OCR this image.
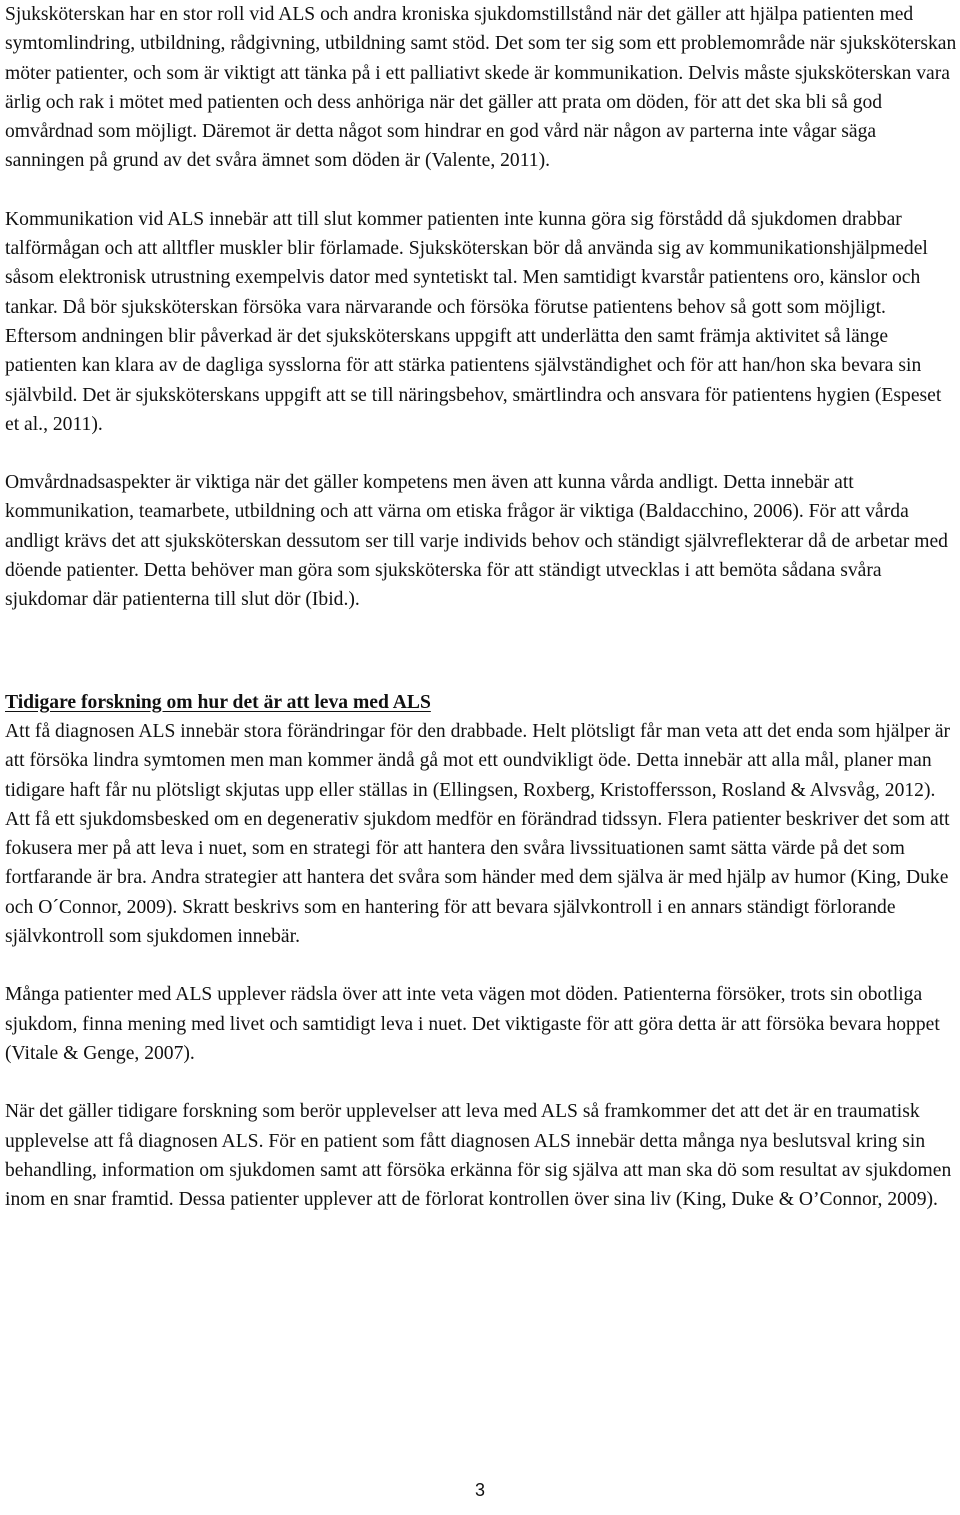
Sjuksköterskan har en stor roll vid ALS och andra kroniska sjukdomstillstånd när det gäller att hjälpa patienten med symtomlindring, utbildning, rådgivning, utbildning samt stöd. Det som ter sig som ett problemområde när sjuksköterskan möter patienter, och som är viktigt att tänka på i ett palliativt skede är kommunikation. Delvis måste sjuksköterskan vara ärlig och rak i mötet med patienten och dess anhöriga när det gäller att prata om döden, för att det ska bli så god omvårdnad som möjligt. Däremot är detta något som hindrar en god vård när någon av parterna inte vågar säga sanningen på grund av det svåra ämnet som döden är (Valente, 2011).

Kommunikation vid ALS innebär att till slut kommer patienten inte kunna göra sig förstådd då sjukdomen drabbar talförmågan och att alltfler muskler blir förlamade. Sjuksköterskan bör då använda sig av kommunikationshjälpmedel såsom elektronisk utrustning exempelvis dator med syntetiskt tal. Men samtidigt kvarstår patientens oro, känslor och tankar. Då bör sjuksköterskan försöka vara närvarande och försöka förutse patientens behov så gott som möjligt. Eftersom andningen blir påverkad är det sjuksköterskans uppgift att underlätta den samt främja aktivitet så länge patienten kan klara av de dagliga sysslorna för att stärka patientens självständighet och för att han/hon ska bevara sin självbild. Det är sjuksköterskans uppgift att se till näringsbehov, smärtlindra och ansvara för patientens hygien (Espeset et al., 2011).

Omvårdnadsaspekter är viktiga när det gäller kompetens men även att kunna vårda andligt. Detta innebär att kommunikation, teamarbete, utbildning och att värna om etiska frågor är viktiga (Baldacchino, 2006). För att vårda andligt krävs det att sjuksköterskan dessutom ser till varje individs behov och ständigt självreflekterar då de arbetar med döende patienter. Detta behöver man göra som sjuksköterska för att ständigt utvecklas i att bemöta sådana svåra sjukdomar där patienterna till slut dör (Ibid.).

Tidigare forskning om hur det är att leva med ALS

Att få diagnosen ALS innebär stora förändringar för den drabbade. Helt plötsligt får man veta att det enda som hjälper är att försöka lindra symtomen men man kommer ändå gå mot ett oundvikligt öde. Detta innebär att alla mål, planer man tidigare haft får nu plötsligt skjutas upp eller ställas in (Ellingsen, Roxberg, Kristoffersson, Rosland & Alvsvåg, 2012). Att få ett sjukdomsbesked om en degenerativ sjukdom medför en förändrad tidssyn. Flera patienter beskriver det som att fokusera mer på att leva i nuet, som en strategi för att hantera den svåra livssituationen samt sätta värde på det som fortfarande är bra. Andra strategier att hantera det svåra som händer med dem själva är med hjälp av humor (King, Duke och O´Connor, 2009). Skratt beskrivs som en hantering för att bevara självkontroll i en annars ständigt förlorande självkontroll som sjukdomen innebär.

Många patienter med ALS upplever rädsla över att inte veta vägen mot döden. Patienterna försöker, trots sin obotliga sjukdom, finna mening med livet och samtidigt leva i nuet. Det viktigaste för att göra detta är att försöka bevara hoppet (Vitale & Genge, 2007).

När det gäller tidigare forskning som berör upplevelser att leva med ALS så framkommer det att det är en traumatisk upplevelse att få diagnosen ALS. För en patient som fått diagnosen ALS innebär detta många nya beslutsval kring sin behandling, information om sjukdomen samt att försöka erkänna för sig själva att man ska dö som resultat av sjukdomen inom en snar framtid. Dessa patienter upplever att de förlorat kontrollen över sina liv (King, Duke & O’Connor, 2009).

3
